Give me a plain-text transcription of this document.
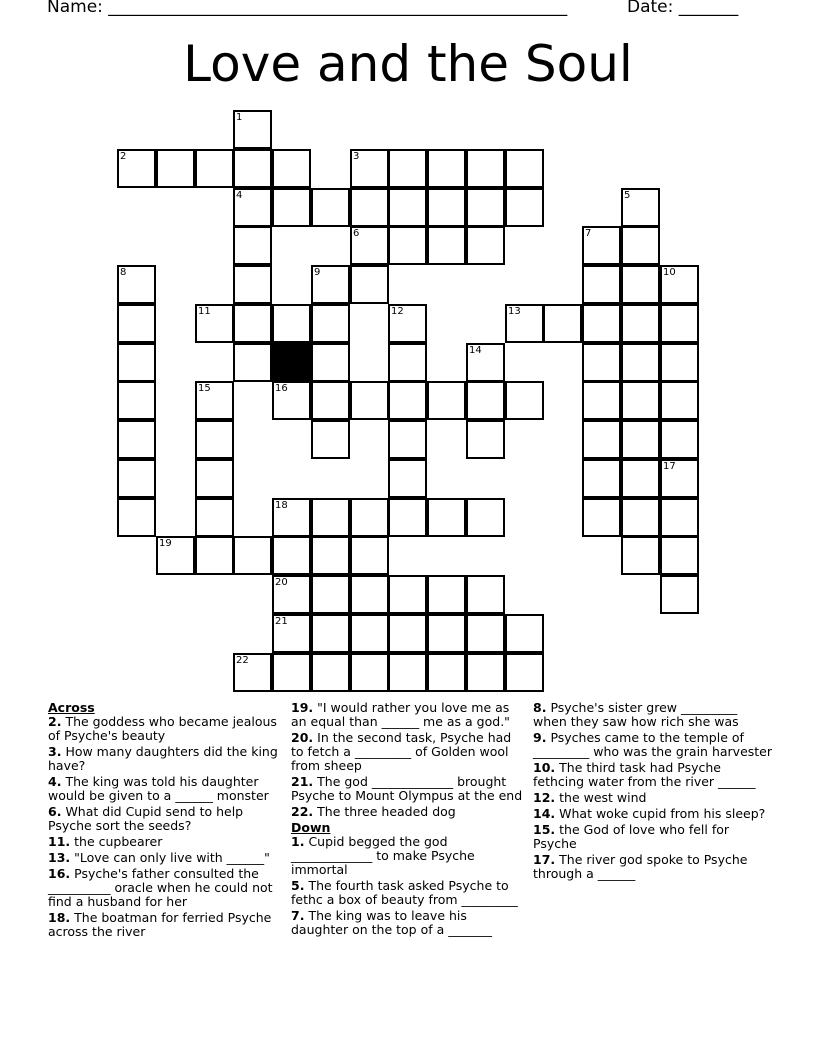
Name: ______________________________________________________	Date: _______
Love and the Soul
1
2	3
4	5
6	7
8	9	10
11	12	13
14
15	16
17
18
19
20
21
22
Across
2. The goddess who became jealous of Psyche's beauty
3. How many daughters did the king have?
4. The king was told his daughter would be given to a ______ monster
6. What did Cupid send to help Psyche sort the seeds?
11. the cupbearer
13. "Love can only live with ______"
16. Psyche's father consulted the __________ oracle when he could not find a husband for her
18. The boatman for ferried Psyche across the river
19. "I would rather you love me as an equal than ______ me as a god."
20. In the second task, Psyche had to fetch a _________ of Golden wool from sheep
21. The god _____________ brought Psyche to Mount Olympus at the end
22. The three headed dog
Down
1. Cupid begged the god _____________ to make Psyche immortal
5. The fourth task asked Psyche to fethc a box of beauty from _________
7. The king was to leave his daughter on the top of a _______
8. Psyche's sister grew _________ when they saw how rich she was
9. Psyches came to the temple of _________ who was the grain harvester
10. The third task had Psyche fethcing water from the river ______
12. the west wind
14. What woke cupid from his sleep?
15. the God of love who fell for Psyche
17. The river god spoke to Psyche through a ______
